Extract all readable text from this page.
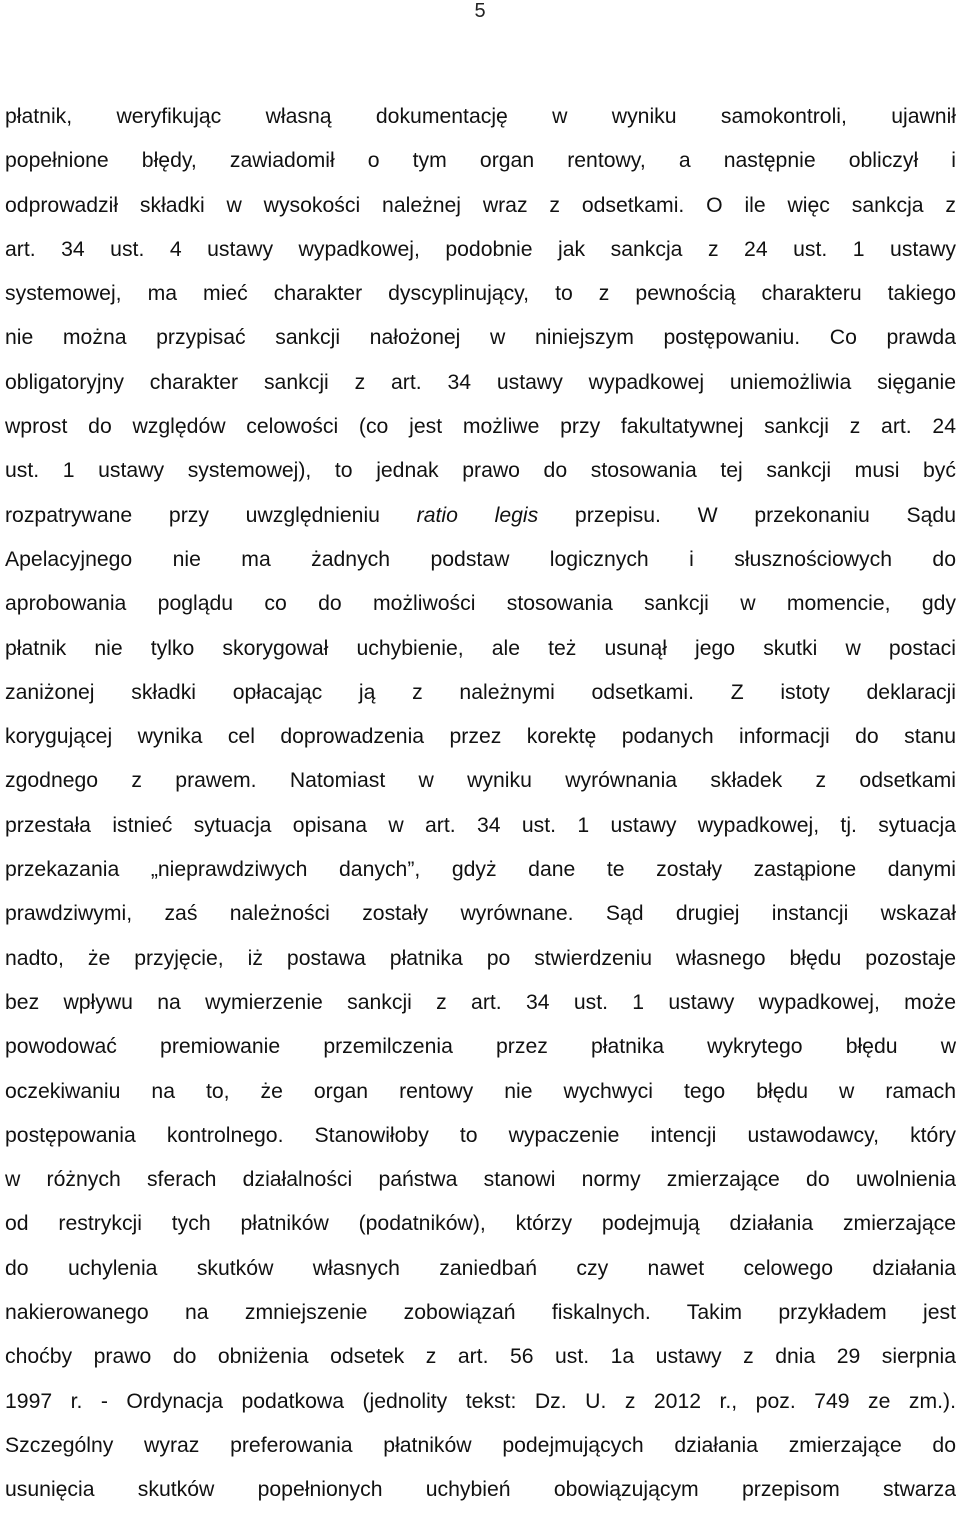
5
płatnik, weryfikując własną dokumentację w wyniku samokontroli, ujawnił
popełnione błędy, zawiadomił o tym organ rentowy, a następnie obliczył i
odprowadził składki w wysokości należnej wraz z odsetkami. O ile więc sankcja z
art. 34 ust. 4 ustawy wypadkowej, podobnie jak sankcja z 24 ust. 1 ustawy
systemowej, ma mieć charakter dyscyplinujący, to z pewnością charakteru takiego
nie można przypisać sankcji nałożonej w niniejszym postępowaniu. Co prawda
obligatoryjny charakter sankcji z art. 34 ustawy wypadkowej uniemożliwia sięganie
wprost do względów celowości (co jest możliwe przy fakultatywnej sankcji z art. 24
ust. 1 ustawy systemowej), to jednak prawo do stosowania tej sankcji musi być
rozpatrywane przy uwzględnieniu ratio legis przepisu. W przekonaniu Sądu
Apelacyjnego nie ma żadnych podstaw logicznych i słusznościowych do
aprobowania poglądu co do możliwości stosowania sankcji w momencie, gdy
płatnik nie tylko skorygował uchybienie, ale też usunął jego skutki w postaci
zaniżonej składki opłacając ją z należnymi odsetkami. Z istoty deklaracji
korygującej wynika cel doprowadzenia przez korektę podanych informacji do stanu
zgodnego z prawem. Natomiast w wyniku wyrównania składek z odsetkami
przestała istnieć sytuacja opisana w art. 34 ust. 1 ustawy wypadkowej, tj. sytuacja
przekazania „nieprawdziwych danych”, gdyż dane te zostały zastąpione danymi
prawdziwymi, zaś należności zostały wyrównane. Sąd drugiej instancji wskazał
nadto, że przyjęcie, iż postawa płatnika po stwierdzeniu własnego błędu pozostaje
bez wpływu na wymierzenie sankcji z art. 34 ust. 1 ustawy wypadkowej, może
powodować premiowanie przemilczenia przez płatnika wykrytego błędu w
oczekiwaniu na to, że organ rentowy nie wychwyci tego błędu w ramach
postępowania kontrolnego. Stanowiłoby to wypaczenie intencji ustawodawcy, który
w różnych sferach działalności państwa stanowi normy zmierzające do uwolnienia
od restrykcji tych płatników (podatników), którzy podejmują działania zmierzające
do uchylenia skutków własnych zaniedbań czy nawet celowego działania
nakierowanego na zmniejszenie zobowiązań fiskalnych. Takim przykładem jest
choćby prawo do obniżenia odsetek z art. 56 ust. 1a ustawy z dnia 29 sierpnia
1997 r. - Ordynacja podatkowa (jednolity tekst: Dz. U. z 2012 r., poz. 749 ze zm.).
Szczególny wyraz preferowania płatników podejmujących działania zmierzające do
usunięcia skutków popełnionych uchybień obowiązującym przepisom stwarza
